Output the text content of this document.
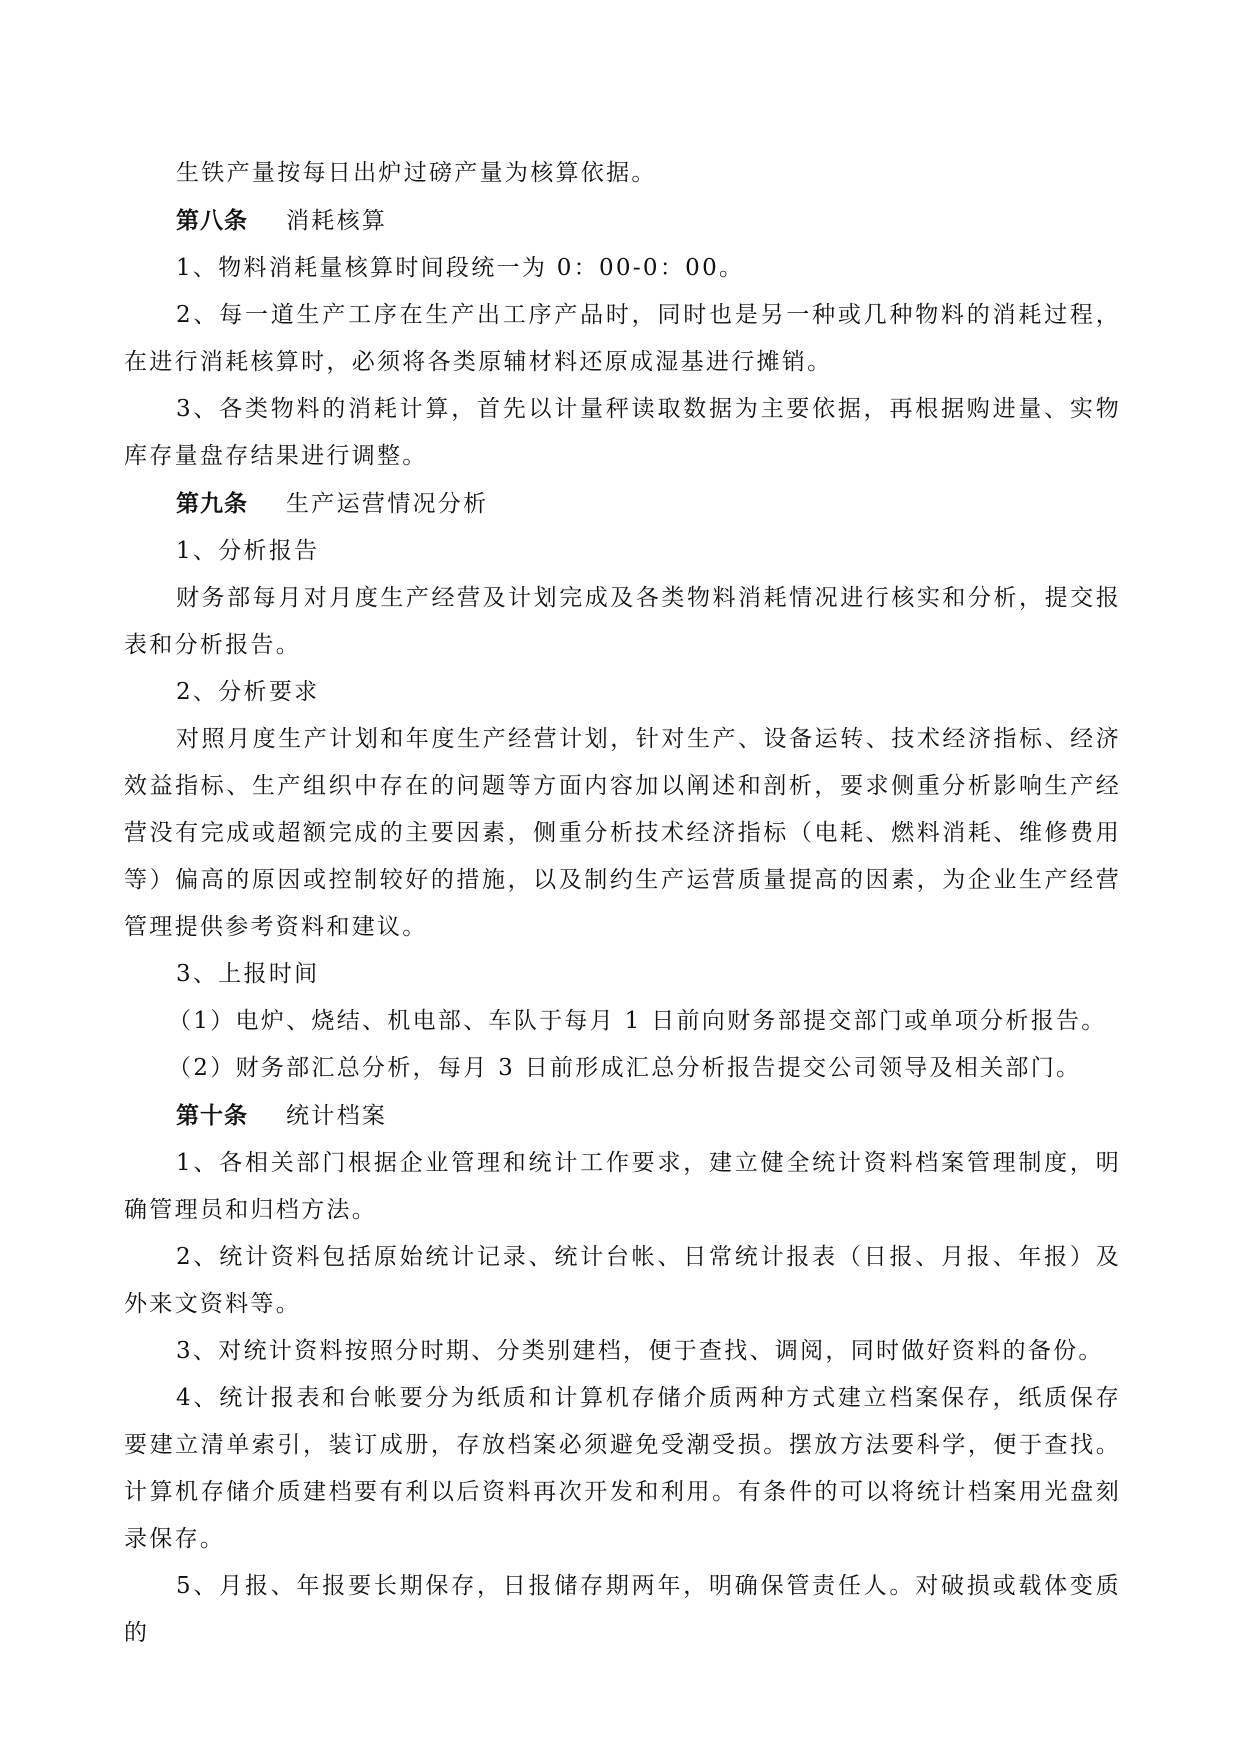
生铁产量按每日出炉过磅产量为核算依据。

第八条 消耗核算

1、物料消耗量核算时间段统一为 0：00-0：00。

2、每一道生产工序在生产出工序产品时，同时也是另一种或几种物料的消耗过程，在进行消耗核算时，必须将各类原辅材料还原成湿基进行摊销。

3、各类物料的消耗计算，首先以计量秤读取数据为主要依据，再根据购进量、实物库存量盘存结果进行调整。

第九条 生产运营情况分析

1、分析报告

财务部每月对月度生产经营及计划完成及各类物料消耗情况进行核实和分析，提交报表和分析报告。

2、分析要求

对照月度生产计划和年度生产经营计划，针对生产、设备运转、技术经济指标、经济效益指标、生产组织中存在的问题等方面内容加以阐述和剖析，要求侧重分析影响生产经营没有完成或超额完成的主要因素，侧重分析技术经济指标（电耗、燃料消耗、维修费用等）偏高的原因或控制较好的措施，以及制约生产运营质量提高的因素，为企业生产经营管理提供参考资料和建议。

3、上报时间

（1）电炉、烧结、机电部、车队于每月 1 日前向财务部提交部门或单项分析报告。

（2）财务部汇总分析，每月 3 日前形成汇总分析报告提交公司领导及相关部门。

第十条 统计档案

1、各相关部门根据企业管理和统计工作要求，建立健全统计资料档案管理制度，明确管理员和归档方法。

2、统计资料包括原始统计记录、统计台帐、日常统计报表（日报、月报、年报）及外来文资料等。

3、对统计资料按照分时期、分类别建档，便于查找、调阅，同时做好资料的备份。

4、统计报表和台帐要分为纸质和计算机存储介质两种方式建立档案保存，纸质保存要建立清单索引，装订成册，存放档案必须避免受潮受损。摆放方法要科学，便于查找。计算机存储介质建档要有利以后资料再次开发和利用。有条件的可以将统计档案用光盘刻录保存。

5、月报、年报要长期保存，日报储存期两年，明确保管责任人。对破损或载体变质的
